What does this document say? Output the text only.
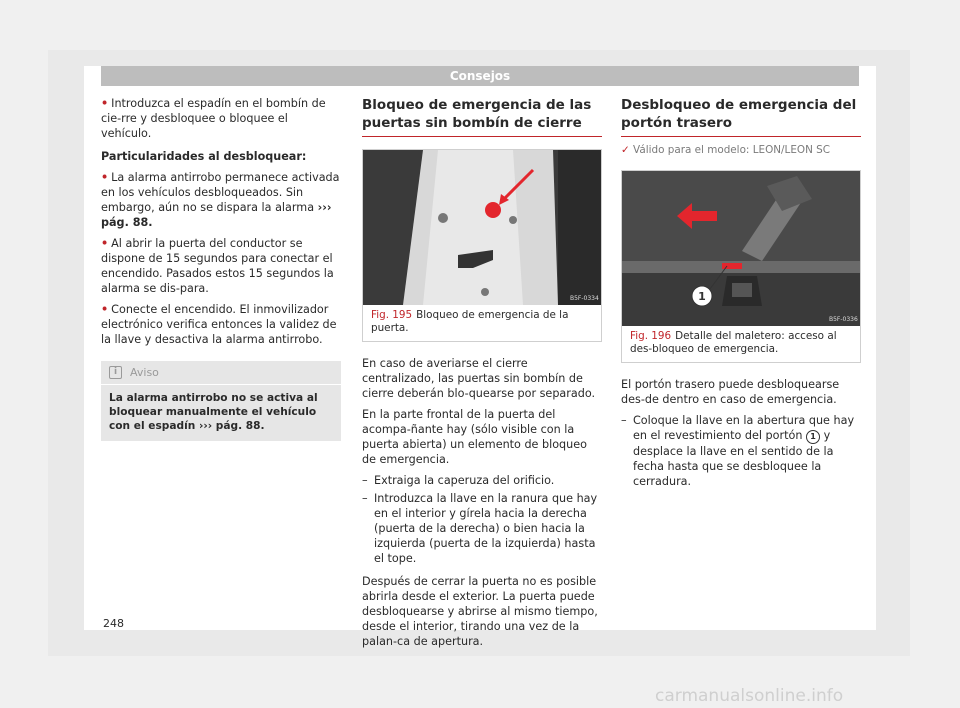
Consejos

• Introduzca el espadín en el bombín de cie-rre y desbloquee o bloquee el vehículo.

Particularidades al desbloquear:

• La alarma antirrobo permanece activada en los vehículos desbloqueados. Sin embargo, aún no se dispara la alarma ››› pág. 88.

• Al abrir la puerta del conductor se dispone de 15 segundos para conectar el encendido. Pasados estos 15 segundos la alarma se dis-para.

• Conecte el encendido. El inmovilizador electrónico verifica entonces la validez de la llave y desactiva la alarma antirrobo.

i	Aviso
La alarma antirrobo no se activa al bloquear manualmente el vehículo con el espadín ››› pág. 88.
Bloqueo de emergencia de las puertas sin bombín de cierre
B5F-0334
Fig. 195 Bloqueo de emergencia de la puerta.

En caso de averiarse el cierre centralizado, las puertas sin bombín de cierre deberán blo-quearse por separado.

En la parte frontal de la puerta del acompa-ñante hay (sólo visible con la puerta abierta) un elemento de bloqueo de emergencia.

– Extraiga la caperuza del orificio.
– Introduzca la llave en la ranura que hay en el interior y gírela hacia la derecha (puerta de la derecha) o bien hacia la izquierda (puerta de la izquierda) hasta el tope.

Después de cerrar la puerta no es posible abrirla desde el exterior. La puerta puede desbloquearse y abrirse al mismo tiempo, desde el interior, tirando una vez de la palan-ca de apertura.

Desbloqueo de emergencia del portón trasero
✓ Válido para el modelo: LEON/LEON SC
1
B5F-0336
Fig. 196 Detalle del maletero: acceso al des-bloqueo de emergencia.

El portón trasero puede desbloquearse des-de dentro en caso de emergencia.

– Coloque la llave en la abertura que hay en el revestimiento del portón 1 y desplace la llave en el sentido de la fecha hasta que se desbloquee la cerradura.
248
carmanualsonline.info
